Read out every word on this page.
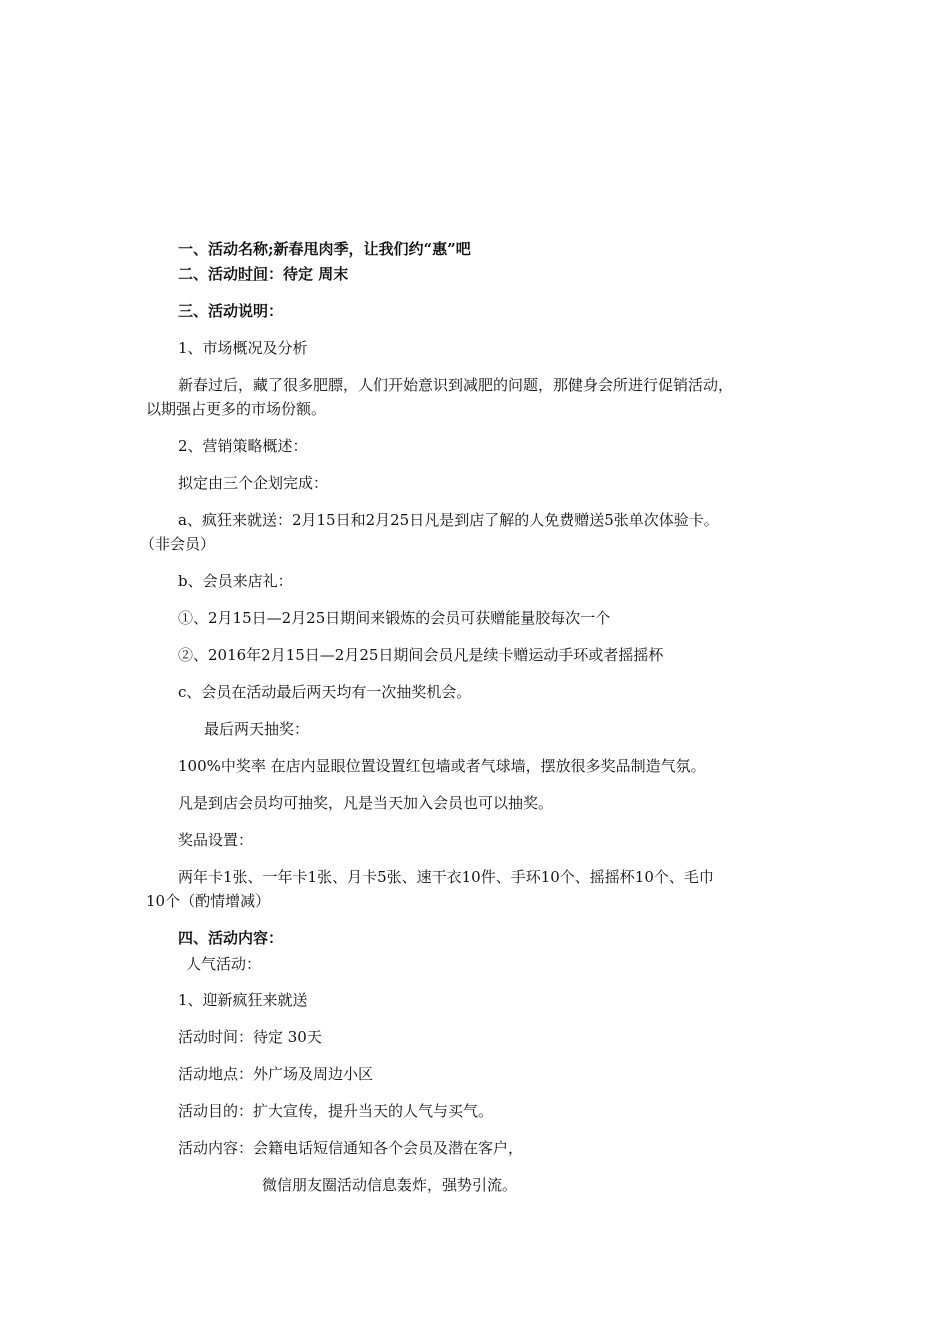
一、活动名称;新春甩肉季，让我们约“惠”吧

二、活动时间：待定 周末

三、活动说明：

1、市场概况及分析

新春过后，藏了很多肥膘，人们开始意识到减肥的问题，那健身会所进行促销活动，

以期强占更多的市场份额。

2、营销策略概述：

拟定由三个企划完成：

a、疯狂来就送：2月15日和2月25日凡是到店了解的人免费赠送5张单次体验卡。

（非会员）

b、会员来店礼：

①、2月15日—2月25日期间来锻炼的会员可获赠能量胶每次一个

②、2016年2月15日—2月25日期间会员凡是续卡赠运动手环或者摇摇杯

c、会员在活动最后两天均有一次抽奖机会。

最后两天抽奖：

100%中奖率 在店内显眼位置设置红包墙或者气球墙，摆放很多奖品制造气氛。

凡是到店会员均可抽奖，凡是当天加入会员也可以抽奖。

奖品设置：

两年卡1张、一年卡1张、月卡5张、速干衣10件、手环10个、摇摇杯10个、毛巾

10个（酌情增减）

四、活动内容：

人气活动：

1、迎新疯狂来就送

活动时间：待定 30天

活动地点：外广场及周边小区

活动目的：扩大宣传，提升当天的人气与买气。

活动内容：会籍电话短信通知各个会员及潜在客户，

微信朋友圈活动信息轰炸，强势引流。
